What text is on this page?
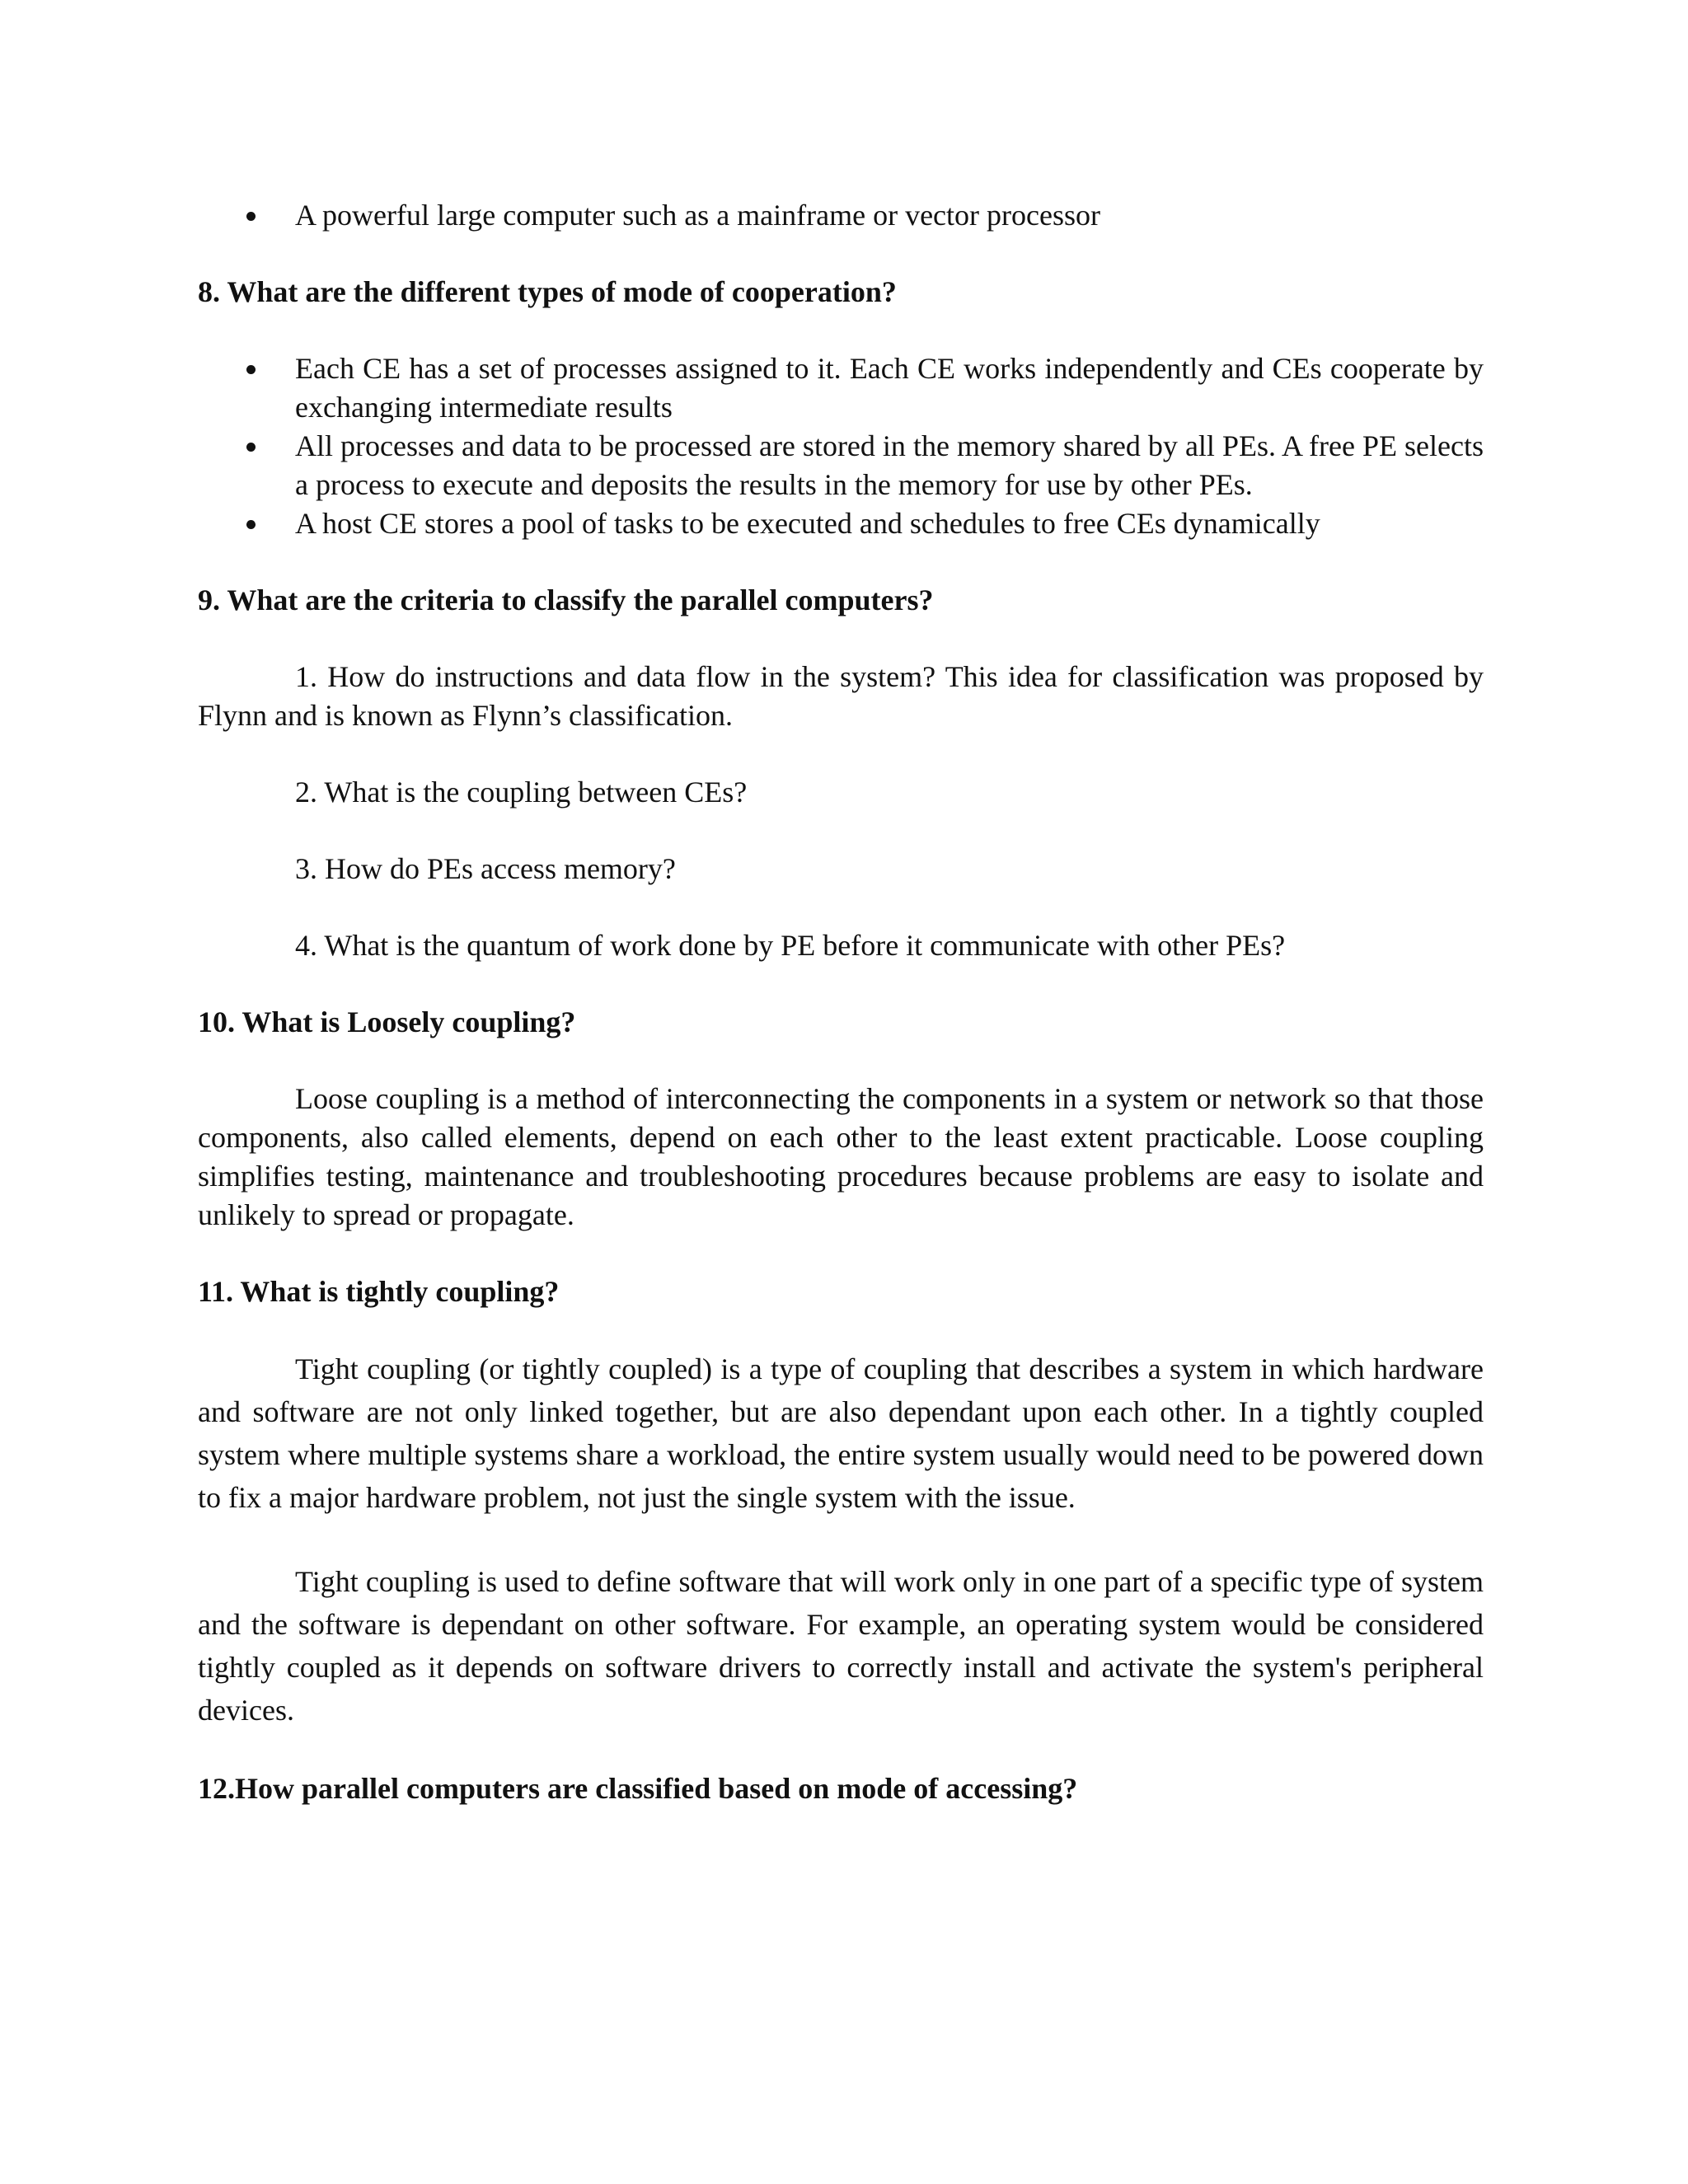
A powerful large computer such as a mainframe or vector processor

8. What are the different types of mode of cooperation?

Each CE has a set of processes assigned to it. Each CE works independently and CEs cooperate by exchanging intermediate results
All processes and data to be processed are stored in the memory shared by all PEs. A free PE selects a process to execute and deposits the results in the memory for use by other PEs.
A host CE stores a pool of tasks to be executed and schedules to free CEs dynamically

9. What are the criteria to classify the parallel computers?

1. How do instructions and data flow in the system? This idea for classification was proposed by Flynn and is known as Flynn’s classification.

2. What is the coupling between CEs?

3. How do PEs access memory?

4. What is the quantum of work done by PE before it communicate with other PEs?

10. What is Loosely coupling?

Loose coupling is a method of interconnecting the components in a system or network so that those components, also called elements, depend on each other to the least extent practicable. Loose coupling simplifies testing, maintenance and troubleshooting procedures because problems are easy to isolate and unlikely to spread or propagate.

11. What is tightly coupling?

Tight coupling (or tightly coupled) is a type of coupling that describes a system in which hardware and software are not only linked together, but are also dependant upon each other. In a tightly coupled system where multiple systems share a workload, the entire system usually would need to be powered down to fix a major hardware problem, not just the single system with the issue.

Tight coupling is used to define software that will work only in one part of a specific type of system and the software is dependant on other software. For example, an operating system would be considered tightly coupled as it depends on software drivers to correctly install and activate the system's peripheral devices.

12.How parallel computers are classified based on mode of accessing?
